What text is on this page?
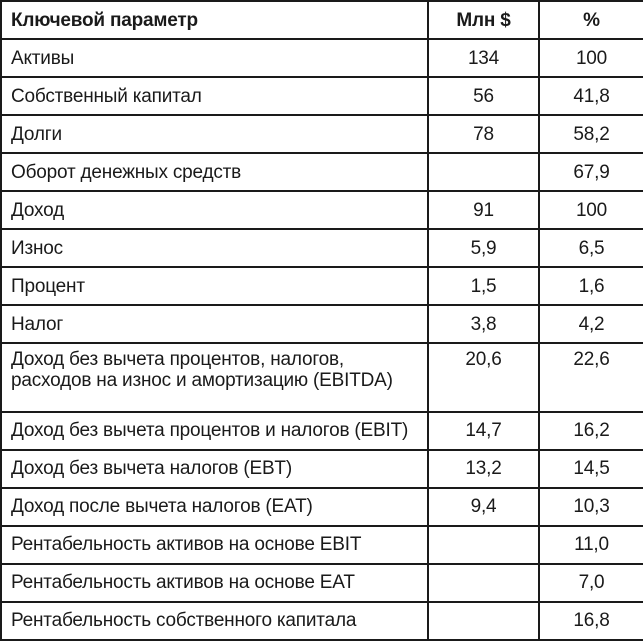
Ключевой параметр	Млн $	%
Активы	134	100
Собственный капитал	56	41,8
Долги	78	58,2
Оборот денежных средств		67,9
Доход	91	100
Износ	5,9	6,5
Процент	1,5	1,6
Налог	3,8	4,2
Доход без вычета процентов, налогов, расходов на износ и амортизацию (EBITDA)	20,6	22,6
Доход без вычета процентов и налогов (EBIT)	14,7	16,2
Доход без вычета налогов (EBT)	13,2	14,5
Доход после вычета налогов (EAT)	9,4	10,3
Рентабельность активов на основе EBIT		11,0
Рентабельность активов на основе EAT		7,0
Рентабельность собственного капитала		16,8
